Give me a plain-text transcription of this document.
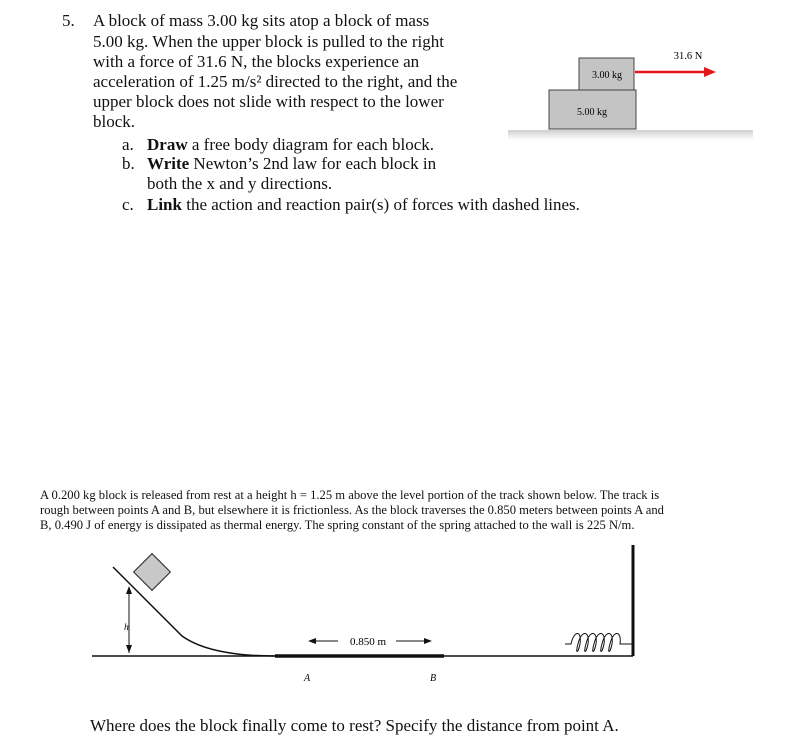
5. A block of mass 3.00 kg sits atop a block of mass
5.00 kg. When the upper block is pulled to the right
with a force of 31.6 N, the blocks experience an
acceleration of 1.25 m/s² directed to the right, and the
upper block does not slide with respect to the lower
block.
a. Draw a free body diagram for each block.
b. Write Newton’s 2nd law for each block in
both the x and y directions.
c. Link the action and reaction pair(s) of forces with dashed lines.
3.00 kg
5.00 kg
31.6 N
A 0.200 kg block is released from rest at a height h = 1.25 m above the level portion of the track shown below. The track is
rough between points A and B, but elsewhere it is frictionless. As the block traverses the 0.850 meters between points A and
B, 0.490 J of energy is dissipated as thermal energy. The spring constant of the spring attached to the wall is 225 N/m.
h
0.850 m
A	B
Where does the block finally come to rest? Specify the distance from point A.
